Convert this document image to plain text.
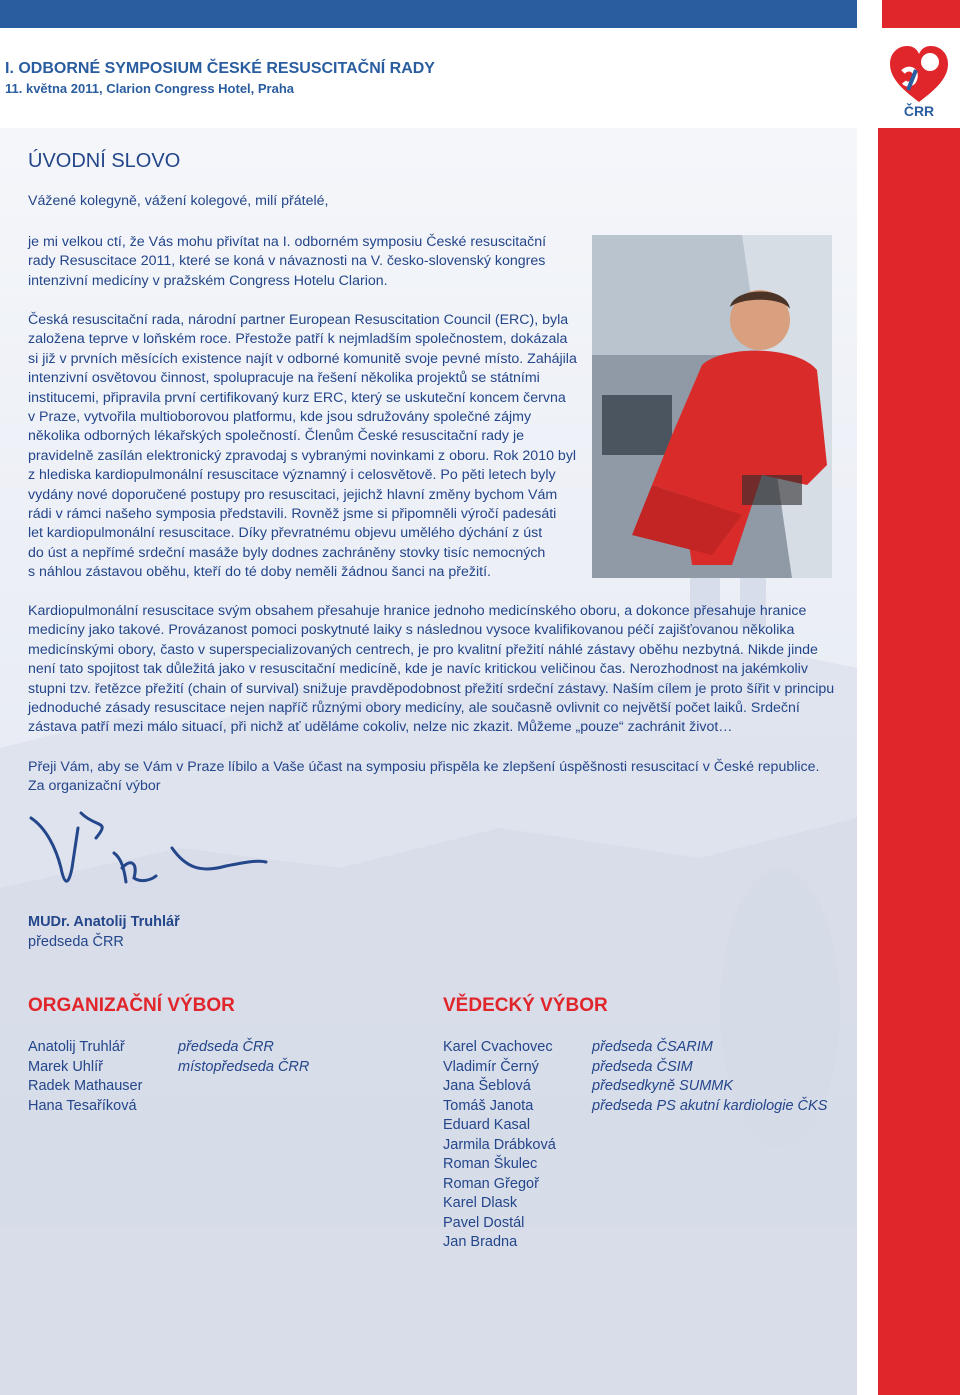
ČRR
I. ODBORNÉ SYMPOSIUM ČESKÉ RESUSCITAČNÍ RADY
11. května 2011, Clarion Congress Hotel, Praha
ÚVODNÍ SLOVO
Vážené kolegyně, vážení kolegové, milí přátelé,
je mi velkou ctí, že Vás mohu přivítat na I. odborném symposiu České resuscitační
rady Resuscitace 2011, které se koná v návaznosti na V. česko-slovenský kongres
intenzivní medicíny v pražském Congress Hotelu Clarion.
Česká resuscitační rada, národní partner European Resuscitation Council (ERC), byla
založena teprve v loňském roce. Přestože patří k nejmladším společnostem, dokázala
si již v prvních měsících existence najít v odborné komunitě svoje pevné místo. Zahájila
intenzivní osvětovou činnost, spolupracuje na řešení několika projektů se státními
institucemi, připravila první certifikovaný kurz ERC, který se uskuteční koncem června
v Praze, vytvořila multioborovou platformu, kde jsou sdružovány společné zájmy
několika odborných lékařských společností. Členům České resuscitační rady je
pravidelně zasílán elektronický zpravodaj s vybranými novinkami z oboru. Rok 2010 byl
z hlediska kardiopulmonální resuscitace významný i celosvětově. Po pěti letech byly
vydány nové doporučené postupy pro resuscitaci, jejichž hlavní změny bychom Vám
rádi v rámci našeho symposia představili. Rovněž jsme si připomněli výročí padesáti
let kardiopulmonální resuscitace. Díky převratnému objevu umělého dýchání z úst
do úst a nepřímé srdeční masáže byly dodnes zachráněny stovky tisíc nemocných
s náhlou zástavou oběhu, kteří do té doby neměli žádnou šanci na přežití.
Kardiopulmonální resuscitace svým obsahem přesahuje hranice jednoho medicínského oboru, a dokonce přesahuje hranice
medicíny jako takové. Provázanost pomoci poskytnuté laiky s následnou vysoce kvalifikovanou péčí zajišťovanou několika
medicínskými obory, často v superspecializovaných centrech, je pro kvalitní přežití náhlé zástavy oběhu nezbytná. Nikde jinde
není tato spojitost tak důležitá jako v resuscitační medicíně, kde je navíc kritickou veličinou čas. Nerozhodnost na jakémkoliv
stupni tzv. řetězce přežití (chain of survival) snižuje pravděpodobnost přežití srdeční zástavy. Naším cílem je proto šířit v principu
jednoduché zásady resuscitace nejen napříč různými obory medicíny, ale současně ovlivnit co největší počet laiků. Srdeční
zástava patří mezi málo situací, při nichž ať uděláme cokoliv, nelze nic zkazit. Můžeme „pouze“ zachránit život…
Přeji Vám, aby se Vám v Praze líbilo a Vaše účast na symposiu přispěla ke zlepšení úspěšnosti resuscitací v České republice.
Za organizační výbor
MUDr. Anatolij Truhlář
předseda ČRR
ORGANIZAČNÍ VÝBOR
Anatolij Truhlář
Marek Uhlíř
Radek Mathauser
Hana Tesaříková
předseda ČRR
místopředseda ČRR
VĚDECKÝ VÝBOR
Karel Cvachovec
Vladimír Černý
Jana Šeblová
Tomáš Janota
Eduard Kasal
Jarmila Drábková
Roman Škulec
Roman Gřegoř
Karel Dlask
Pavel Dostál
Jan Bradna
předseda ČSARIM
předseda ČSIM
předsedkyně SUMMK
předseda PS akutní kardiologie ČKS
